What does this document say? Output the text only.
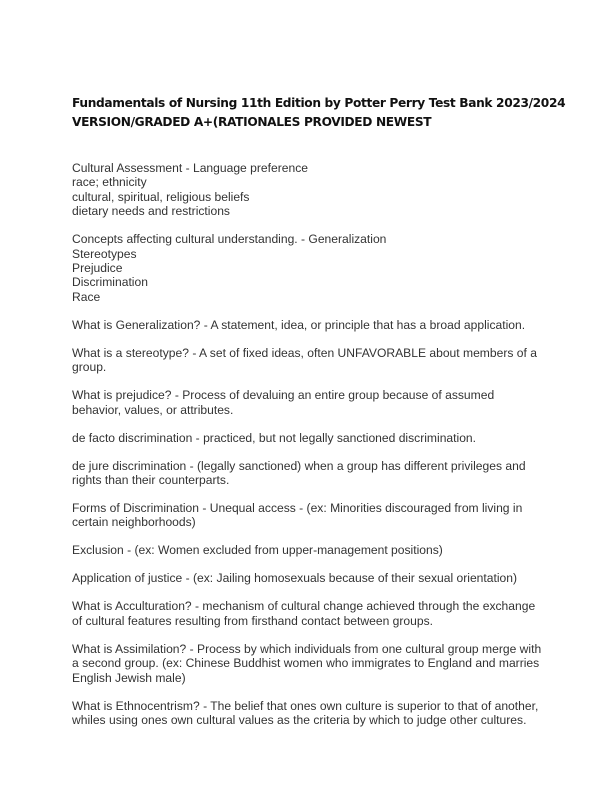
Fundamentals of Nursing 11th Edition by Potter Perry Test Bank 2023/2024
VERSION/GRADED A+(RATIONALES PROVIDED NEWEST
Cultural Assessment - Language preference
race; ethnicity
cultural, spiritual, religious beliefs
dietary needs and restrictions
Concepts affecting cultural understanding. - Generalization
Stereotypes
Prejudice
Discrimination
Race
What is Generalization? - A statement, idea, or principle that has a broad application.
What is a stereotype? - A set of fixed ideas, often UNFAVORABLE about members of a
group.
What is prejudice? - Process of devaluing an entire group because of assumed
behavior, values, or attributes.
de facto discrimination - practiced, but not legally sanctioned discrimination.
de jure discrimination - (legally sanctioned) when a group has different privileges and
rights than their counterparts.
Forms of Discrimination - Unequal access - (ex: Minorities discouraged from living in
certain neighborhoods)
Exclusion - (ex: Women excluded from upper-management positions)
Application of justice - (ex: Jailing homosexuals because of their sexual orientation)
What is Acculturation? - mechanism of cultural change achieved through the exchange
of cultural features resulting from firsthand contact between groups.
What is Assimilation? - Process by which individuals from one cultural group merge with
a second group. (ex: Chinese Buddhist women who immigrates to England and marries
English Jewish male)
What is Ethnocentrism? - The belief that ones own culture is superior to that of another,
whiles using ones own cultural values as the criteria by which to judge other cultures.
